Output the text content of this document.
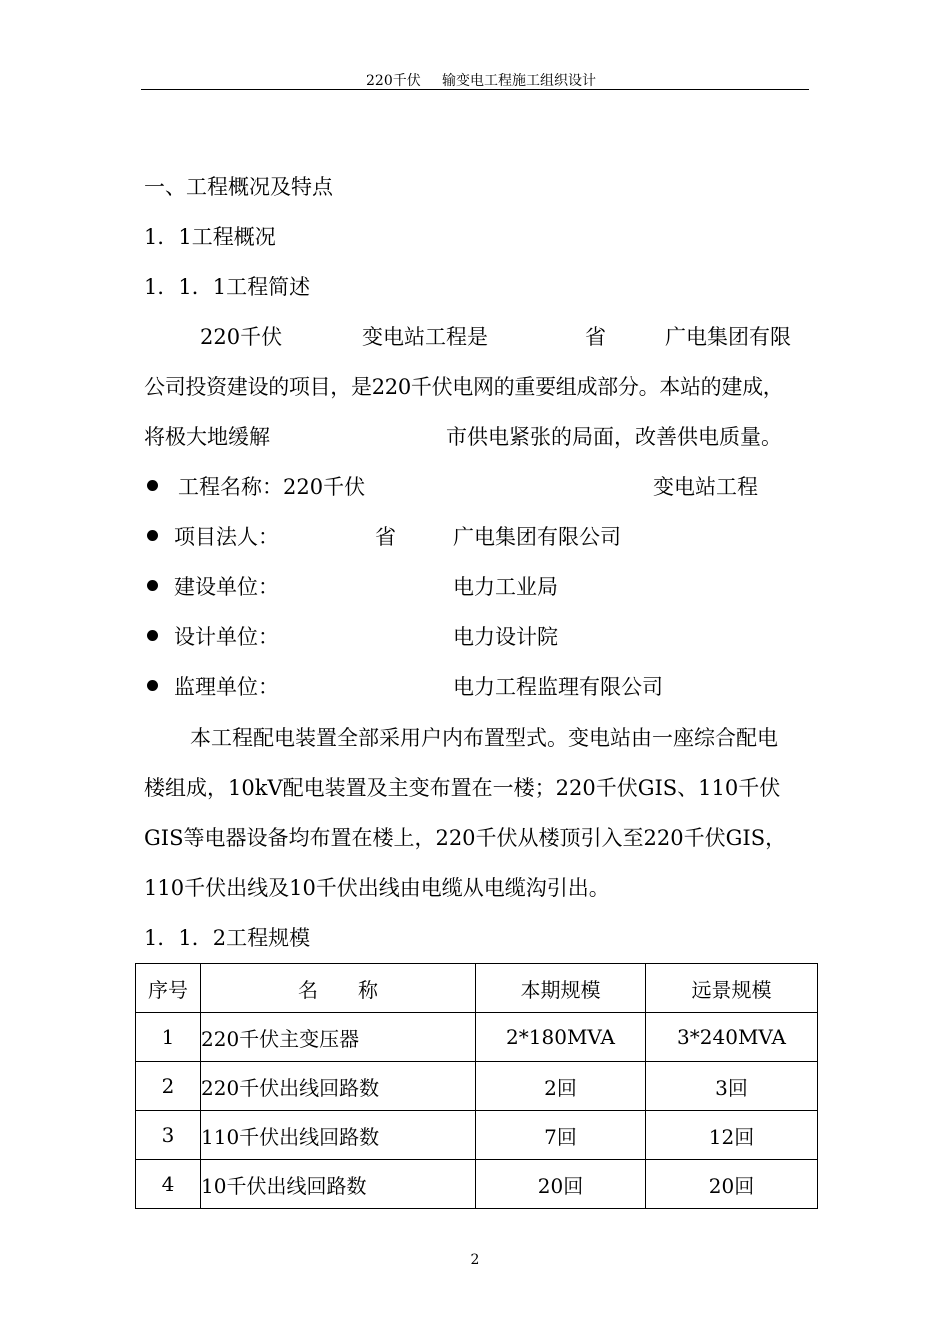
220千伏 输变电工程施工组织设计
一、工程概况及特点
1．1工程概况
1．1．1工程简述
220千伏	变电站工程是	省	广电集团有限
公司投资建设的项目，是220千伏电网的重要组成部分。本站的建成，
将极大地缓解	市供电紧张的局面，改善供电质量。
工程名称：220千伏	变电站工程
项目法人：	省	广电集团有限公司
建设单位：	电力工业局
设计单位：	电力设计院
监理单位：	电力工程监理有限公司
本工程配电装置全部采用户内布置型式。变电站由一座综合配电
楼组成，10kV配电装置及主变布置在一楼；220千伏GIS、110千伏
GIS等电器设备均布置在楼上，220千伏从楼顶引入至220千伏GIS，
110千伏出线及10千伏出线由电缆从电缆沟引出。
1．1．2工程规模
序号	名　　称	本期规模	远景规模
1	220千伏主变压器	2*180MVA	3*240MVA
2	220千伏出线回路数	2回	3回
3	110千伏出线回路数	7回	12回
4	10千伏出线回路数	20回	20回
2
